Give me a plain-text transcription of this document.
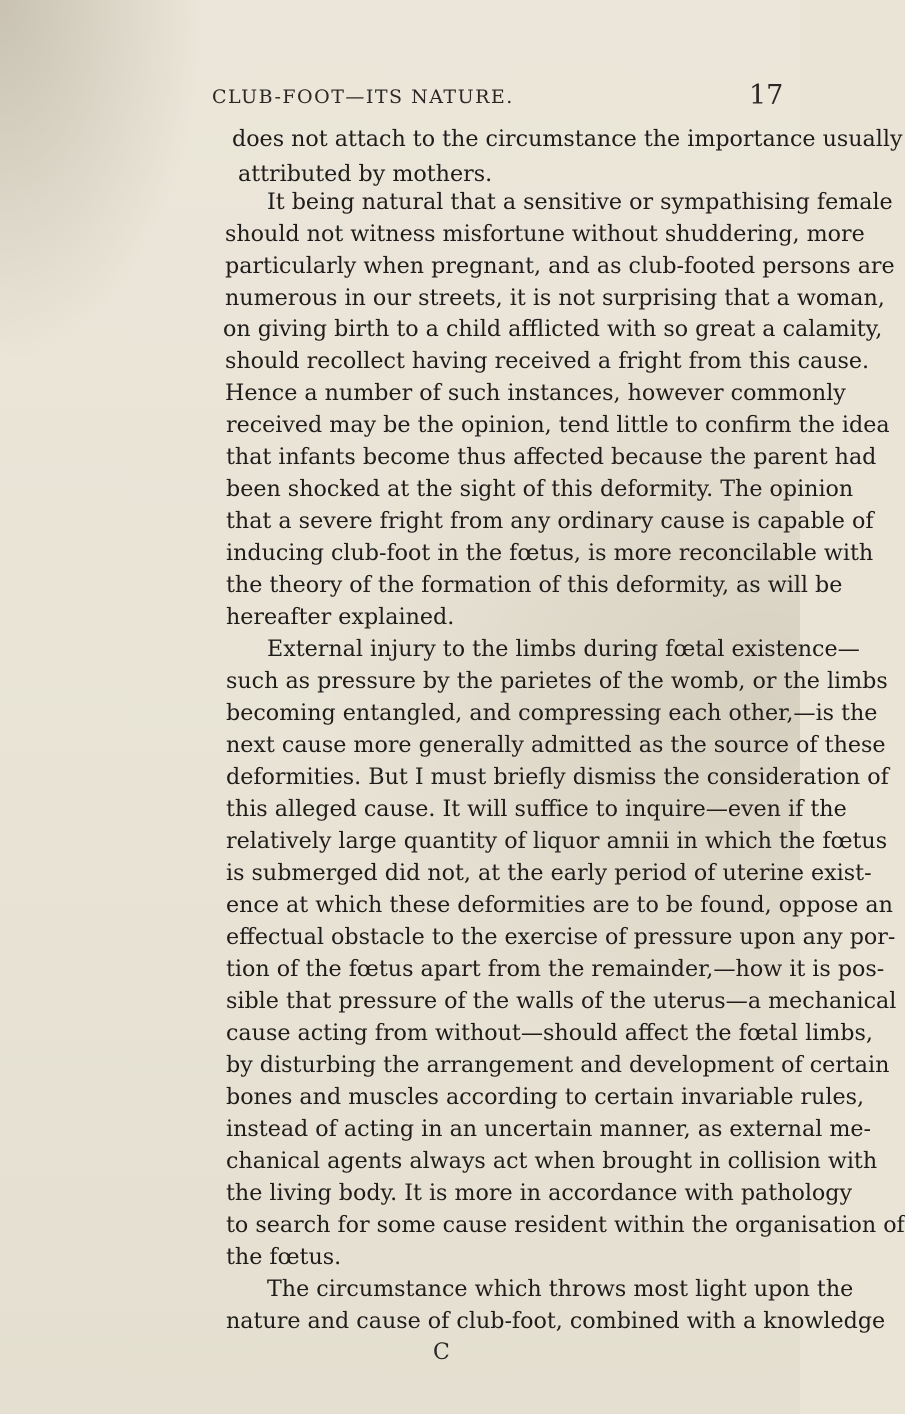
CLUB-FOOT—ITS NATURE.	17
does not attach to the circumstance the importance usually
attributed by mothers.
It being natural that a sensitive or sympathising female
should not witness misfortune without shuddering, more
particularly when pregnant, and as club-footed persons are
numerous in our streets, it is not surprising that a woman,
on giving birth to a child afflicted with so great a calamity,
should recollect having received a fright from this cause.
Hence a number of such instances, however commonly
received may be the opinion, tend little to confirm the idea
that infants become thus affected because the parent had
been shocked at the sight of this deformity. The opinion
that a severe fright from any ordinary cause is capable of
inducing club-foot in the fœtus, is more reconcilable with
the theory of the formation of this deformity, as will be
hereafter explained.
External injury to the limbs during fœtal existence—
such as pressure by the parietes of the womb, or the limbs
becoming entangled, and compressing each other,—is the
next cause more generally admitted as the source of these
deformities. But I must briefly dismiss the consideration of
this alleged cause. It will suffice to inquire—even if the
relatively large quantity of liquor amnii in which the fœtus
is submerged did not, at the early period of uterine exist-
ence at which these deformities are to be found, oppose an
effectual obstacle to the exercise of pressure upon any por-
tion of the fœtus apart from the remainder,—how it is pos-
sible that pressure of the walls of the uterus—a mechanical
cause acting from without—should affect the fœtal limbs,
by disturbing the arrangement and development of certain
bones and muscles according to certain invariable rules,
instead of acting in an uncertain manner, as external me-
chanical agents always act when brought in collision with
the living body. It is more in accordance with pathology
to search for some cause resident within the organisation of
the fœtus.
The circumstance which throws most light upon the
nature and cause of club-foot, combined with a knowledge
C
